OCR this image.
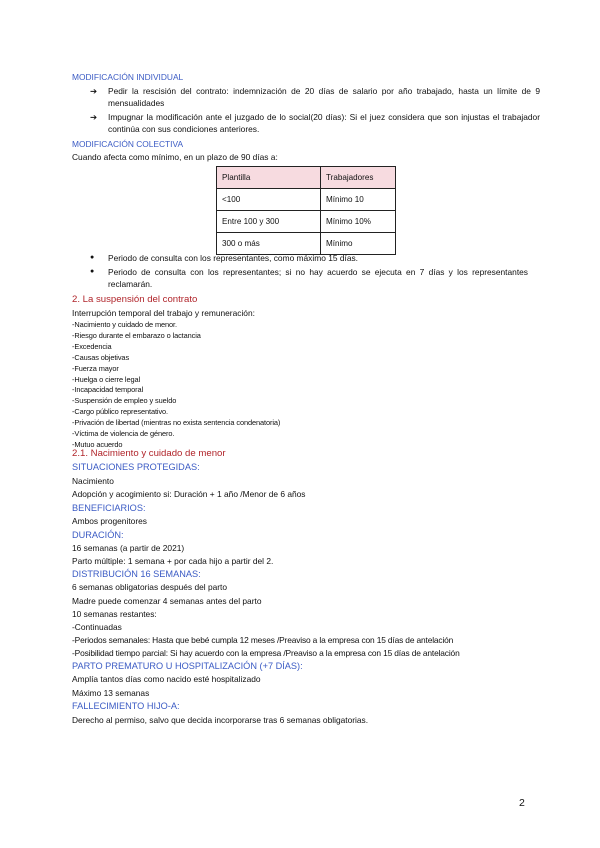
MODIFICACIÓN INDIVIDUAL
➔ Pedir la rescisión del contrato: indemnización de 20 días de salario por año trabajado, hasta un límite de 9 mensualidades
➔ Impugnar la modificación ante el juzgado de lo social(20 días): Si el juez considera que son injustas el trabajador continúa con sus condiciones anteriores.
MODIFICACIÓN COLECTIVA
Cuando afecta como mínimo, en un plazo de 90 días a:
Plantilla	Trabajadores
<100	Mínimo 10
Entre 100 y 300	Mínimo 10%
300 o más	Mínimo
● Periodo de consulta con los representantes, como máximo 15 días.
● Periodo de consulta con los representantes; si no hay acuerdo se ejecuta en 7 días y los representantes reclamarán.
2. La suspensión del contrato
Interrupción temporal del trabajo y remuneración:
-Nacimiento y cuidado de menor.
-Riesgo durante el embarazo o lactancia
-Excedencia
-Causas objetivas
-Fuerza mayor
-Huelga o cierre legal
-Incapacidad temporal
-Suspensión de empleo y sueldo
-Cargo público representativo.
-Privación de libertad (mientras no exista sentencia condenatoria)
-Víctima de violencia de género.
-Mutuo acuerdo
2.1. Nacimiento y cuidado de menor
SITUACIONES PROTEGIDAS:
Nacimiento
Adopción y acogimiento si: Duración + 1 año /Menor de 6 años
BENEFICIARIOS:
Ambos progenitores
DURACIÓN:
16 semanas (a partir de 2021)
Parto múltiple: 1 semana + por cada hijo a partir del 2.
DISTRIBUCIÓN 16 SEMANAS:
6 semanas obligatorias después del parto
Madre puede comenzar 4 semanas antes del parto
10 semanas restantes:
-Continuadas
-Periodos semanales: Hasta que bebé cumpla 12 meses /Preaviso a la empresa con 15 días de antelación
-Posibilidad tiempo parcial: Si hay acuerdo con la empresa /Preaviso a la empresa con 15 días de antelación
PARTO PREMATURO U HOSPITALIZACIÓN (+7 DÍAS):
Amplía tantos días como nacido esté hospitalizado
Máximo 13 semanas
FALLECIMIENTO HIJO-A:
Derecho al permiso, salvo que decida incorporarse tras 6 semanas obligatorias.
2
